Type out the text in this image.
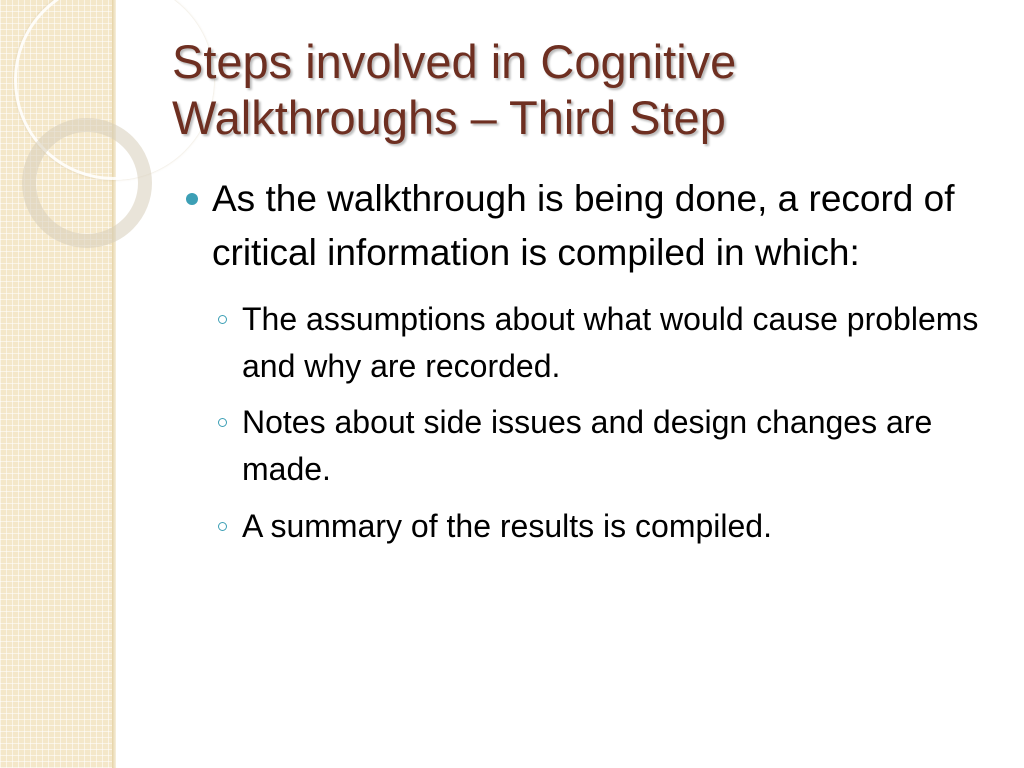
Steps involved in Cognitive Walkthroughs – Third Step
As the walkthrough is being done, a record of critical information is compiled in which:
The assumptions about what would cause problems and why are recorded.
Notes about side issues and design changes are made.
A summary of the results is compiled.
